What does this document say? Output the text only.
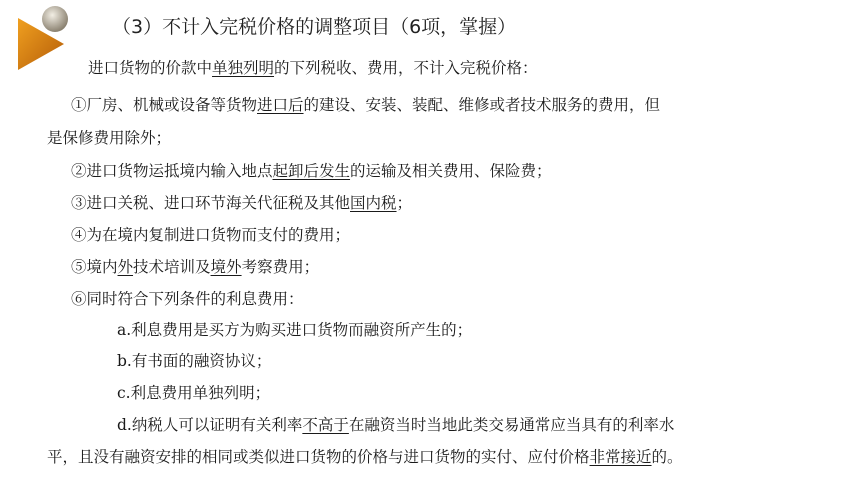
（3）不计入完税价格的调整项目（6项，掌握）
进口货物的价款中单独列明的下列税收、费用，不计入完税价格：
①厂房、机械或设备等货物进口后的建设、安装、装配、维修或者技术服务的费用，但
是保修费用除外；
②进口货物运抵境内输入地点起卸后发生的运输及相关费用、保险费；
③进口关税、进口环节海关代征税及其他国内税；
④为在境内复制进口货物而支付的费用；
⑤境内外技术培训及境外考察费用；
⑥同时符合下列条件的利息费用：
a.利息费用是买方为购买进口货物而融资所产生的；
b.有书面的融资协议；
c.利息费用单独列明；
d.纳税人可以证明有关利率不高于在融资当时当地此类交易通常应当具有的利率水
平，且没有融资安排的相同或类似进口货物的价格与进口货物的实付、应付价格非常接近的。
